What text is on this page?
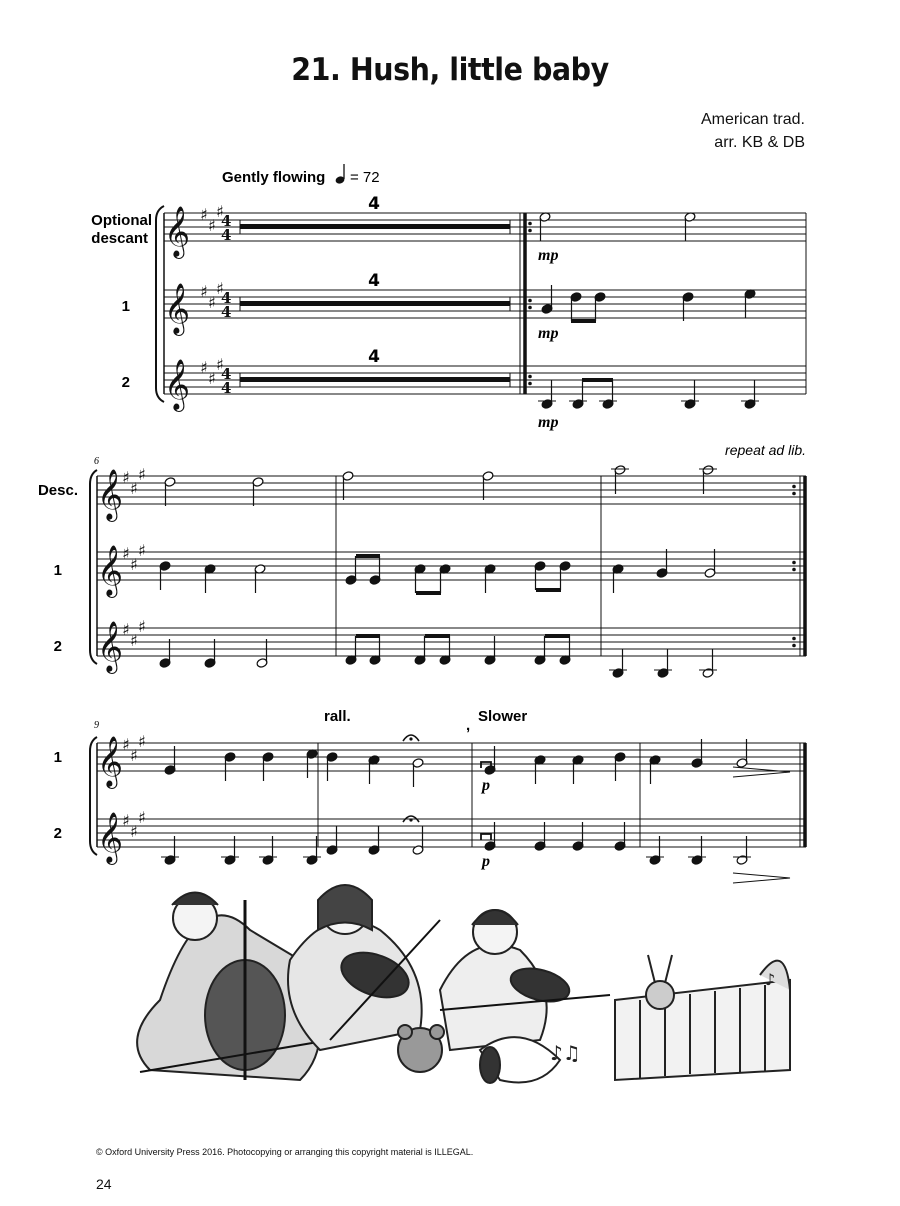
21. Hush, little baby
American trad.
arr. KB & DB
Gently flowing = 72
Optional
descant
1
2
Desc.
1
2
1
2
𝄞 ♯
♯
♯
4
4
𝄞 ♯
♯
♯
4
4
𝄞 ♯
♯
♯
4
4
𝄞
♯
♯
♯
𝄞
♯
♯
♯
𝄞
♯
♯
♯
𝄞
♯
♯
♯
𝄞
♯
♯
♯
4
4
4
mp
mp
mp
6
repeat ad lib.
9
rall.	Slower
,
p
p
♪♫
♪
© Oxford University Press 2016. Photocopying or arranging this copyright material is ILLEGAL.
24
